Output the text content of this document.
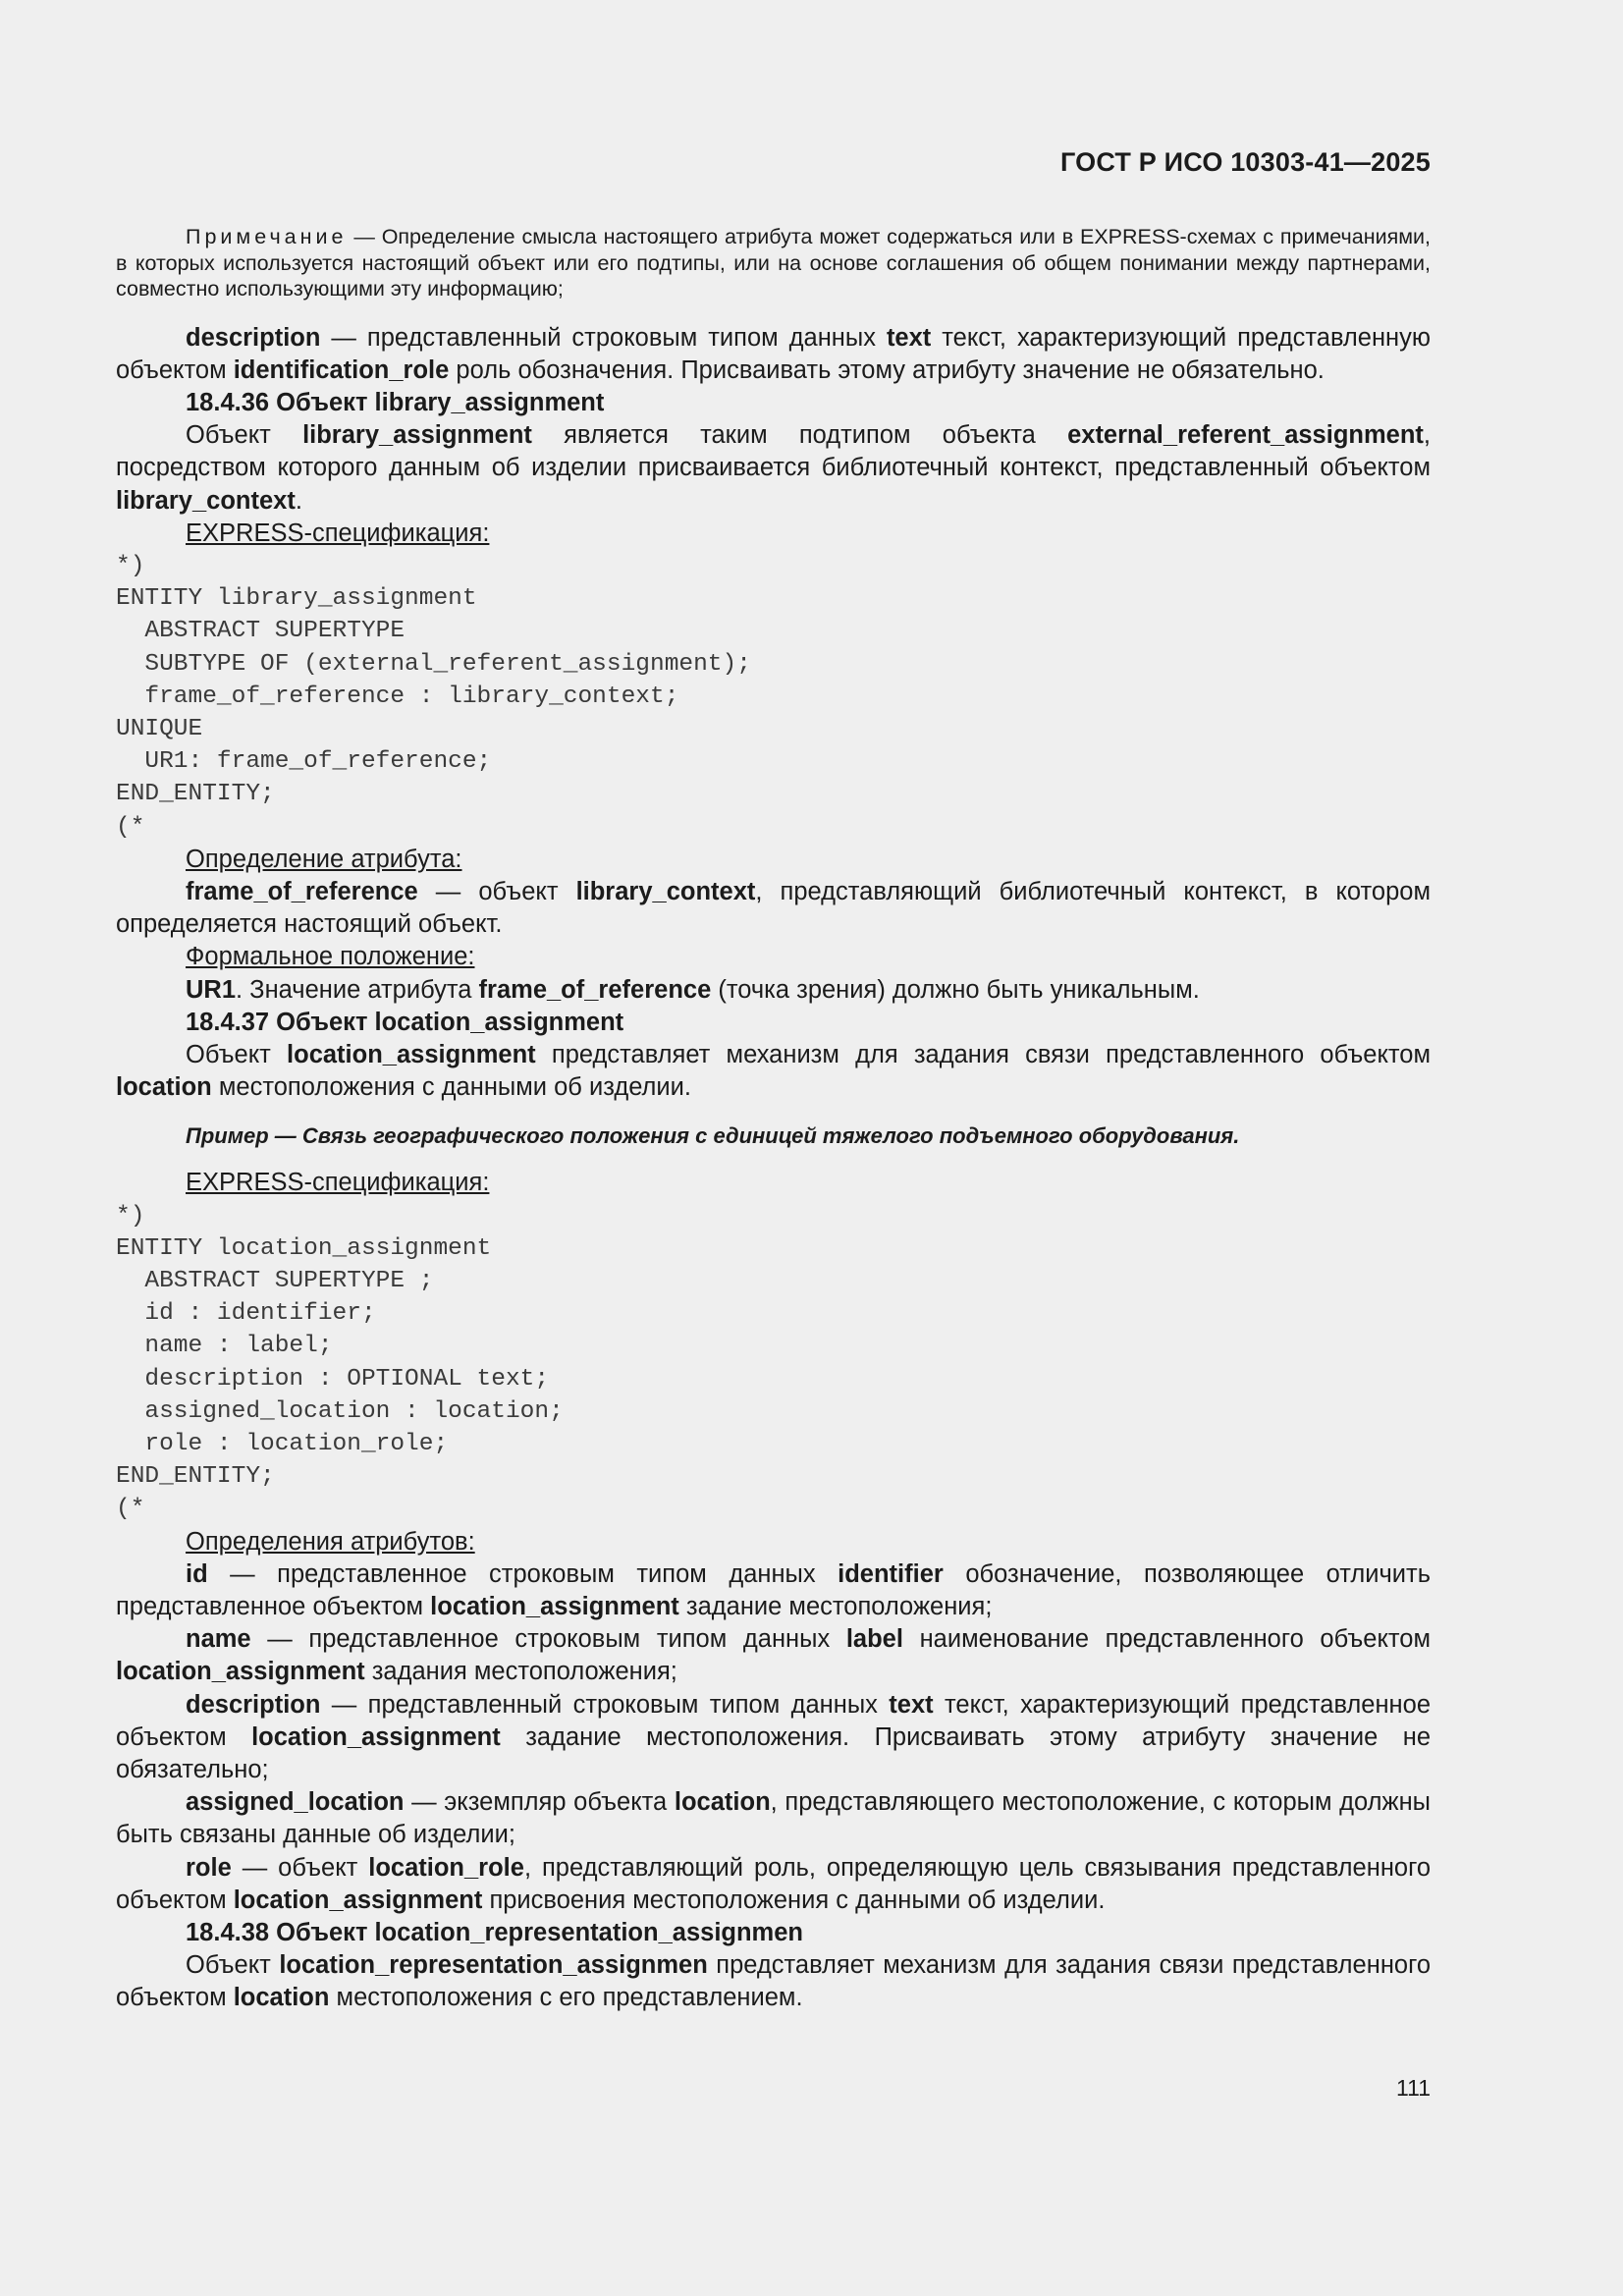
ГОСТ Р ИСО 10303-41—2025

Примечание — Определение смысла настоящего атрибута может содержаться или в EXPRESS-схемах с примечаниями, в которых используется настоящий объект или его подтипы, или на основе соглашения об общем понимании между партнерами, совместно использующими эту информацию;

description — представленный строковым типом данных text текст, характеризующий представленную объектом identification_role роль обозначения. Присваивать этому атрибуту значение не обязательно.

18.4.36 Объект library_assignment

Объект library_assignment является таким подтипом объекта external_referent_assignment, посредством которого данным об изделии присваивается библиотечный контекст, представленный объектом library_context.

EXPRESS-спецификация:

*)
ENTITY library_assignment
ABSTRACT SUPERTYPE
SUBTYPE OF (external_referent_assignment);
frame_of_reference : library_context;
UNIQUE
UR1: frame_of_reference;
END_ENTITY;
(*

Определение атрибута:

frame_of_reference — объект library_context, представляющий библиотечный контекст, в котором определяется настоящий объект.

Формальное положение:

UR1. Значение атрибута frame_of_reference (точка зрения) должно быть уникальным.

18.4.37 Объект location_assignment

Объект location_assignment представляет механизм для задания связи представленного объектом location местоположения с данными об изделии.

Пример — Связь географического положения с единицей тяжелого подъемного оборудования.

EXPRESS-спецификация:

*)
ENTITY location_assignment
ABSTRACT SUPERTYPE ;
id : identifier;
name : label;
description : OPTIONAL text;
assigned_location : location;
role : location_role;
END_ENTITY;
(*

Определения атрибутов:

id — представленное строковым типом данных identifier обозначение, позволяющее отличить представленное объектом location_assignment задание местоположения;

name — представленное строковым типом данных label наименование представленного объектом location_assignment задания местоположения;

description — представленный строковым типом данных text текст, характеризующий представленное объектом location_assignment задание местоположения. Присваивать этому атрибуту значение не обязательно;

assigned_location — экземпляр объекта location, представляющего местоположение, с которым должны быть связаны данные об изделии;

role — объект location_role, представляющий роль, определяющую цель связывания представленного объектом location_assignment присвоения местоположения с данными об изделии.

18.4.38 Объект location_representation_assignmen

Объект location_representation_assignmen представляет механизм для задания связи представленного объектом location местоположения с его представлением.

111
